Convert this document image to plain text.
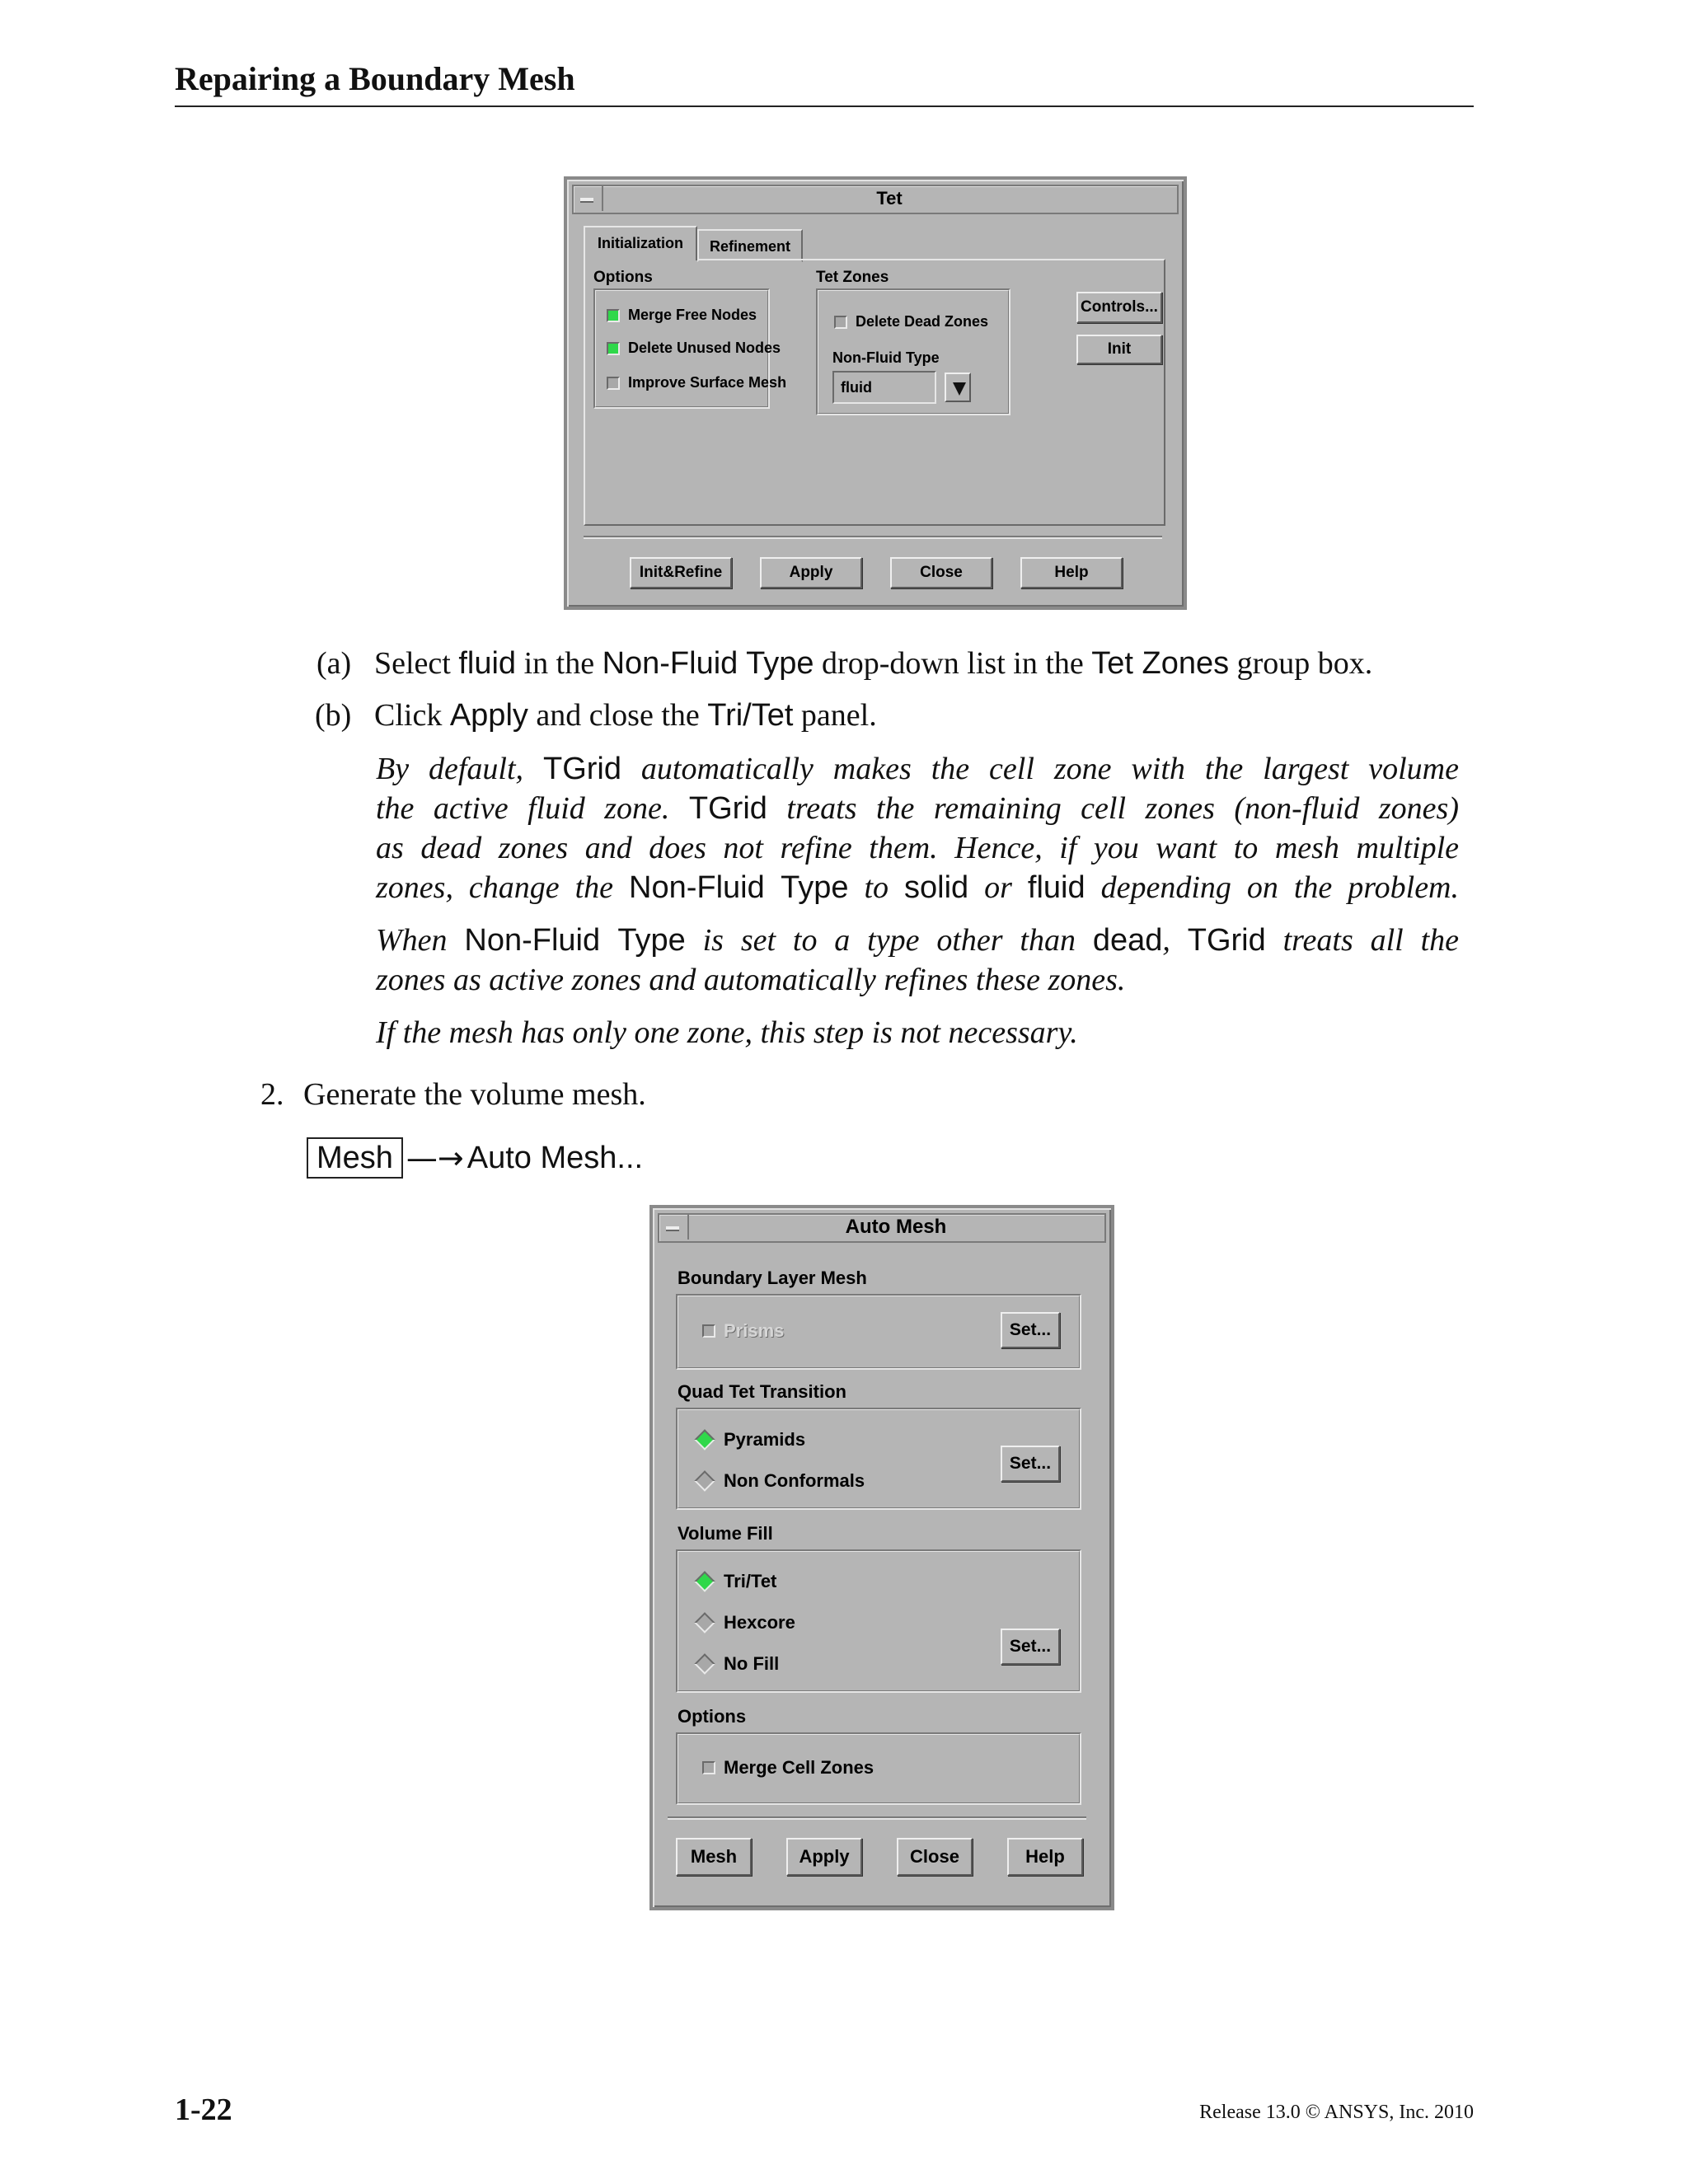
Repairing a Boundary Mesh
Tet
Initialization	Refinement
Options
Merge Free Nodes
Delete Unused Nodes
Improve Surface Mesh
Tet Zones
Delete Dead Zones
Non-Fluid Type
fluid
Controls...
Init
Init&Refine	Apply	Close	Help
(a) Select fluid in the Non-Fluid Type drop-down list in the Tet Zones group box.
(b) Click Apply and close the Tri/Tet panel.
By default, TGrid automatically makes the cell zone with the largest volume
the active fluid zone. TGrid treats the remaining cell zones (non-fluid zones)
as dead zones and does not refine them. Hence, if you want to mesh multiple
zones, change the Non-Fluid Type to solid or fluid depending on the problem.
When Non-Fluid Type is set to a type other than dead, TGrid treats all the
zones as active zones and automatically refines these zones.
If the mesh has only one zone, this step is not necessary.
2. Generate the volume mesh.
Mesh —→ Auto Mesh...
Auto Mesh
Boundary Layer Mesh
Prisms	Set...
Quad Tet Transition
Pyramids
Non Conformals
Set...
Volume Fill
Tri/Tet
Hexcore
No Fill
Set...
Options
Merge Cell Zones
Mesh	Apply	Close	Help
1-22	Release 13.0 © ANSYS, Inc. 2010
